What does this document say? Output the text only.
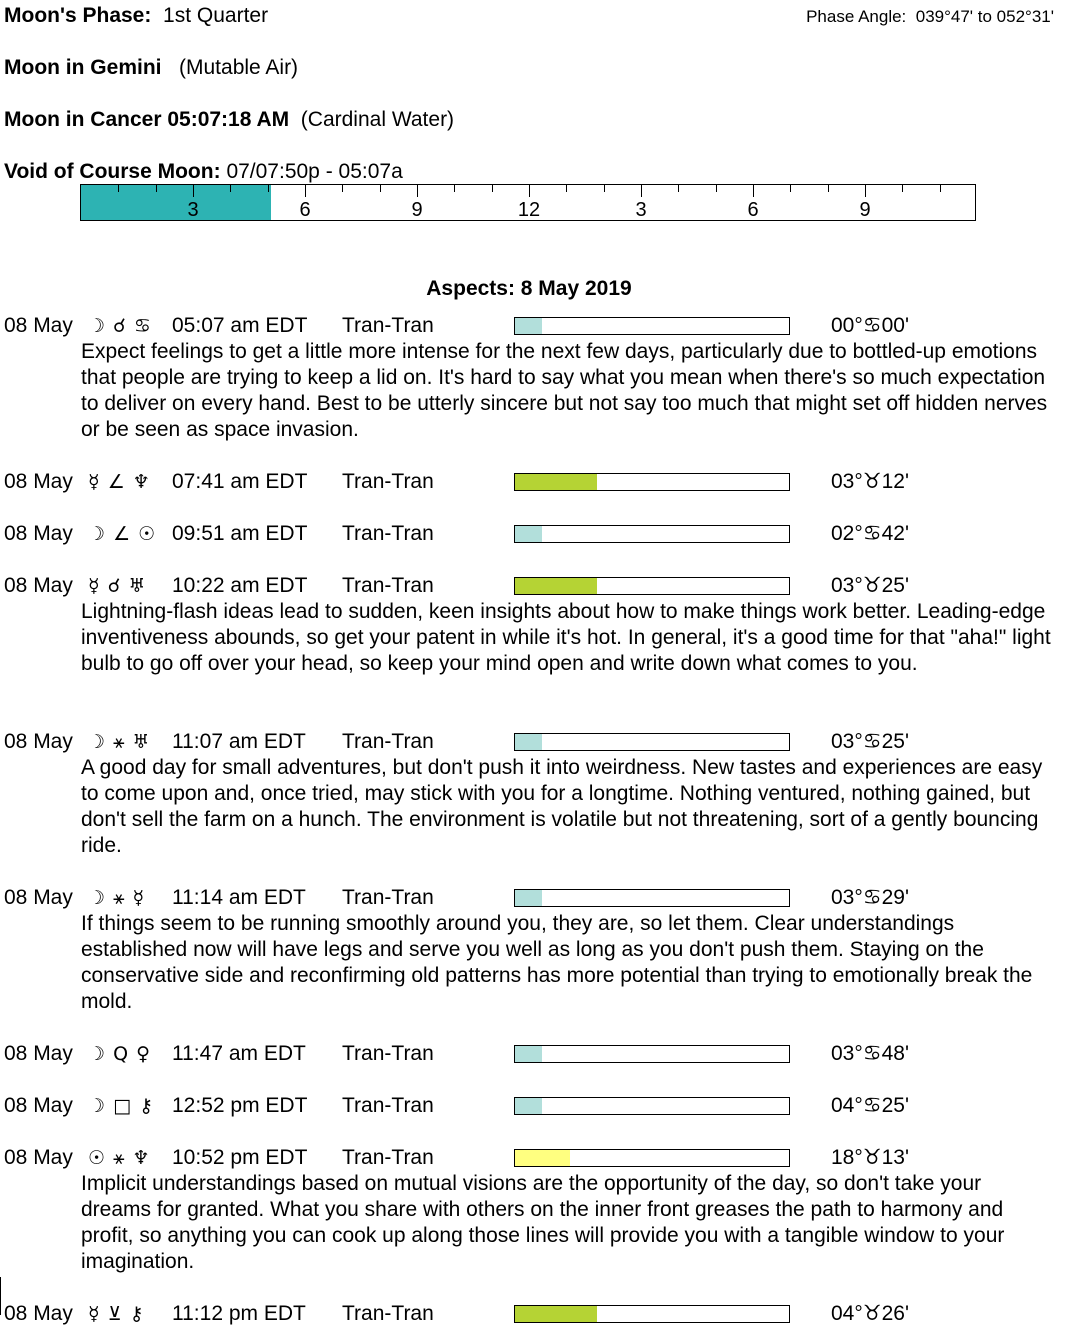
Moon's Phase: 1st Quarter	Phase Angle: 039°47' to 052°31'
Moon in Gemini (Mutable Air)
Moon in Cancer 05:07:18 AM (Cardinal Water)
Void of Course Moon: 07/07:50p - 05:07a
3	6	9	12	3	6	9
Aspects: 8 May 2019
08 May ☽ ☌ ♋ 05:07 am EDT Tran-Tran	00°♋00'
Expect feelings to get a little more intense for the next few days, particularly due to bottled-up emotions that people are trying to keep a lid on. It's hard to say what you mean when there's so much expectation to deliver on every hand. Best to be utterly sincere but not say too much that might set off hidden nerves or be seen as space invasion.
08 May ☿ ∠ ♆ 07:41 am EDT Tran-Tran	03°♉12'
08 May ☽ ∠ ☉ 09:51 am EDT Tran-Tran	02°♋42'
08 May ☿ ☌ ♅ 10:22 am EDT Tran-Tran	03°♉25'
Lightning-flash ideas lead to sudden, keen insights about how to make things work better. Leading-edge inventiveness abounds, so get your patent in while it's hot. In general, it's a good time for that "aha!" light bulb to go off over your head, so keep your mind open and write down what comes to you.
08 May ☽ ⚹ ♅ 11:07 am EDT Tran-Tran	03°♋25'
A good day for small adventures, but don't push it into weirdness. New tastes and experiences are easy to come upon and, once tried, may stick with you for a longtime. Nothing ventured, nothing gained, but don't sell the farm on a hunch. The environment is volatile but not threatening, sort of a gently bouncing ride.
08 May ☽ ⚹ ☿ 11:14 am EDT Tran-Tran	03°♋29'
If things seem to be running smoothly around you, they are, so let them. Clear understandings established now will have legs and serve you well as long as you don't push them. Staying on the conservative side and reconfirming old patterns has more potential than trying to emotionally break the mold.
08 May ☽ Q ♀ 11:47 am EDT Tran-Tran	03°♋48'
08 May ☽ □ ⚷ 12:52 pm EDT Tran-Tran	04°♋25'
08 May ☉ ⚹ ♆ 10:52 pm EDT Tran-Tran	18°♉13'
Implicit understandings based on mutual visions are the opportunity of the day, so don't take your dreams for granted. What you share with others on the inner front greases the path to harmony and profit, so anything you can cook up along those lines will provide you with a tangible window to your imagination.
08 May ☿ ⊻ ⚷ 11:12 pm EDT Tran-Tran	04°♉26'
